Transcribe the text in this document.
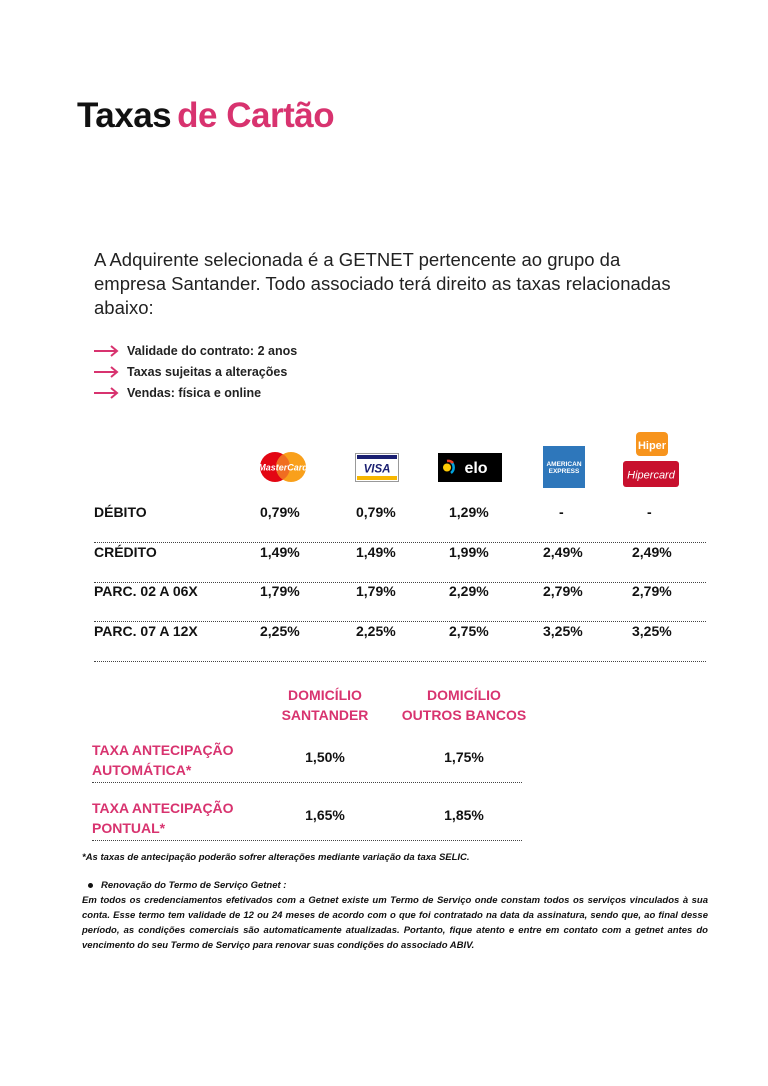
Taxas de Cartão
A Adquirente selecionada é a GETNET pertencente ao grupo da empresa Santander. Todo associado terá direito as taxas relacionadas abaixo:
Validade do contrato: 2 anos
Taxas sujeitas a alterações
Vendas: física e online
MasterCard	VISA	elo	AMERICAN
EXPRESS
Hiper
Hipercard
DÉBITO	0,79%	0,79%	1,29%	-	-
CRÉDITO	1,49%	1,49%	1,99%	2,49%	2,49%
PARC. 02 A 06X	1,79%	1,79%	2,29%	2,79%	2,79%
PARC. 07 A 12X	2,25%	2,25%	2,75%	3,25%	3,25%
DOMICÍLIO
SANTANDER
DOMICÍLIO
OUTROS BANCOS
TAXA ANTECIPAÇÃO
AUTOMÁTICA*
1,50%	1,75%
TAXA ANTECIPAÇÃO
PONTUAL*
1,65%	1,85%
*As taxas de antecipação poderão sofrer alterações mediante variação da taxa SELIC.
Renovação do Termo de Serviço Getnet :
Em todos os credenciamentos efetivados com a Getnet existe um Termo de Serviço onde constam todos os serviços vinculados à sua conta. Esse termo tem validade de 12 ou 24 meses de acordo com o que foi contratado na data da assinatura, sendo que, ao final desse período, as condições comerciais são automaticamente atualizadas. Portanto, fique atento e entre em contato com a getnet antes do vencimento do seu Termo de Serviço para renovar suas condições do associado ABIV.
